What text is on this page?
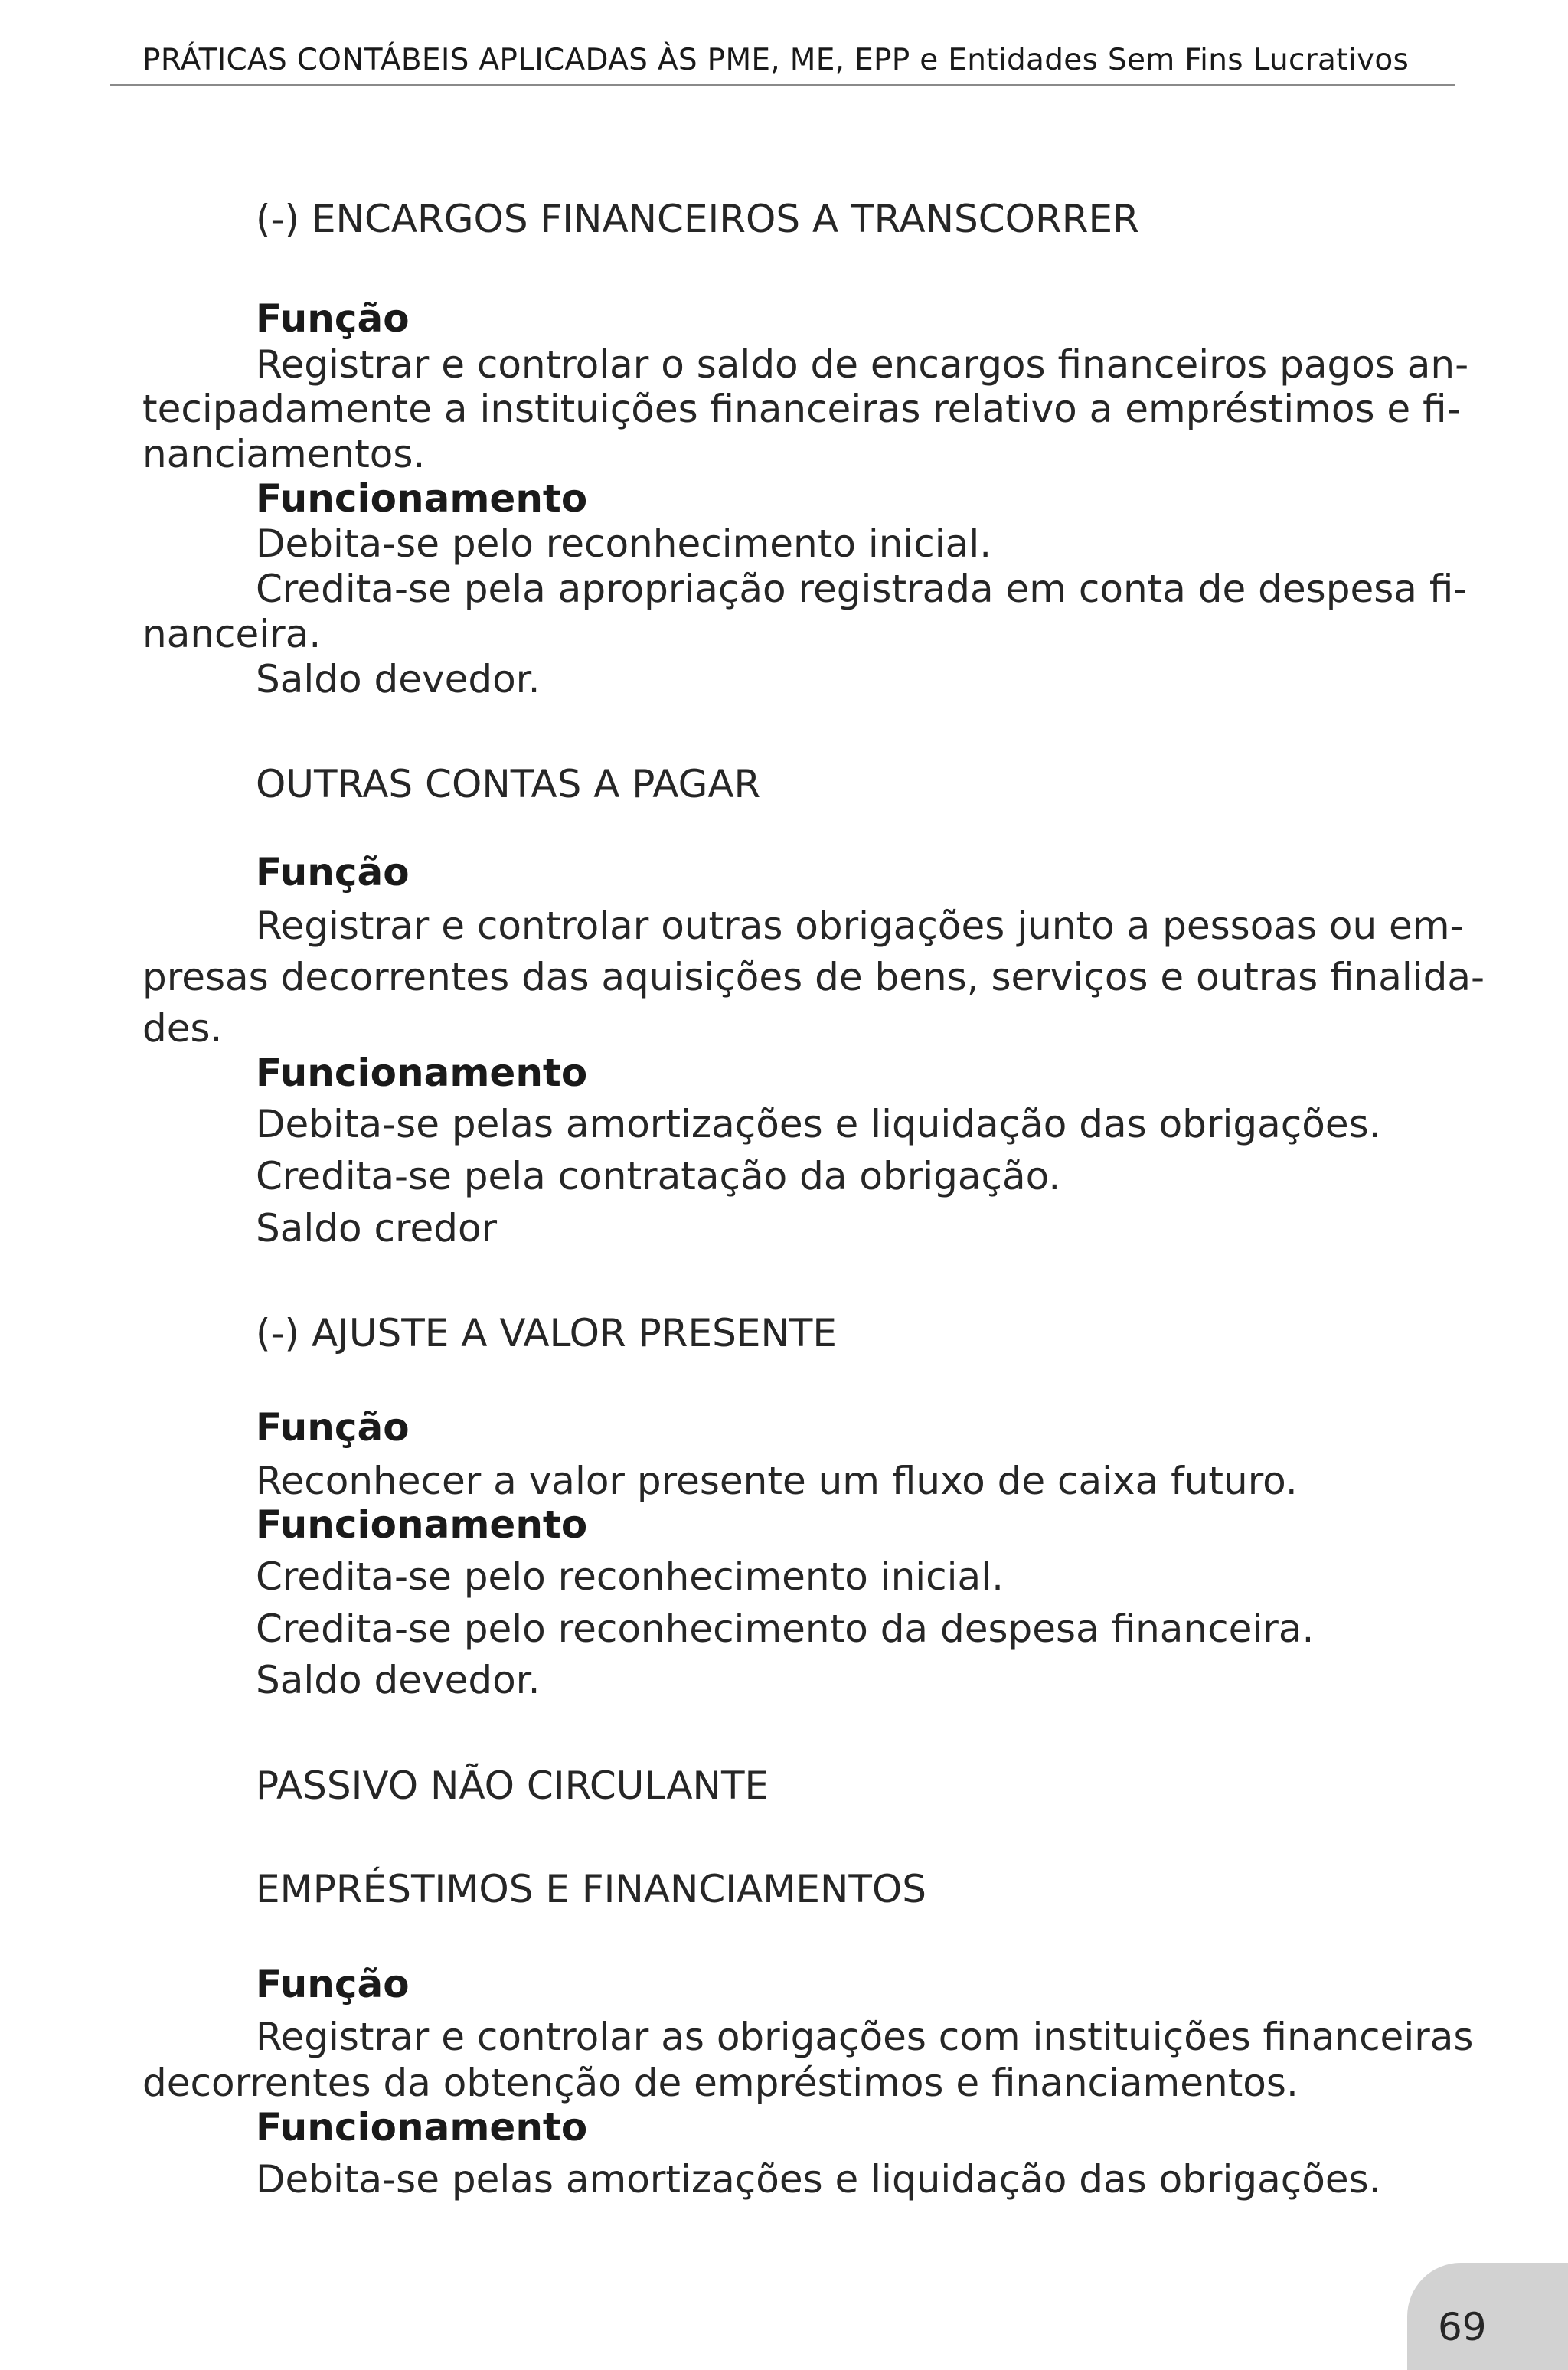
PRÁTICAS CONTÁBEIS APLICADAS ÀS PME, ME, EPP e Entidades Sem Fins Lucrativos
(-) ENCARGOS FINANCEIROS A TRANSCORRER
Função
Registrar e controlar o saldo de encargos financeiros pagos an-
tecipadamente a instituições financeiras relativo a empréstimos e fi-
nanciamentos.
Funcionamento
Debita-se pelo reconhecimento inicial.
Credita-se pela apropriação registrada em conta de despesa fi-
nanceira.
Saldo devedor.
OUTRAS CONTAS A PAGAR
Função
Registrar e controlar outras obrigações junto a pessoas ou em-
presas decorrentes das aquisições de bens, serviços e outras finalida-
des.
Funcionamento
Debita-se pelas amortizações e liquidação das obrigações.
Credita-se pela contratação da obrigação.
Saldo credor
(-) AJUSTE A VALOR PRESENTE
Função
Reconhecer a valor presente um fluxo de caixa futuro.
Funcionamento
Credita-se pelo reconhecimento inicial.
Credita-se pelo reconhecimento da despesa financeira.
Saldo devedor.
PASSIVO NÃO CIRCULANTE
EMPRÉSTIMOS E FINANCIAMENTOS
Função
Registrar e controlar as obrigações com instituições financeiras
decorrentes da obtenção de empréstimos e financiamentos.
Funcionamento
Debita-se pelas amortizações e liquidação das obrigações.
69
